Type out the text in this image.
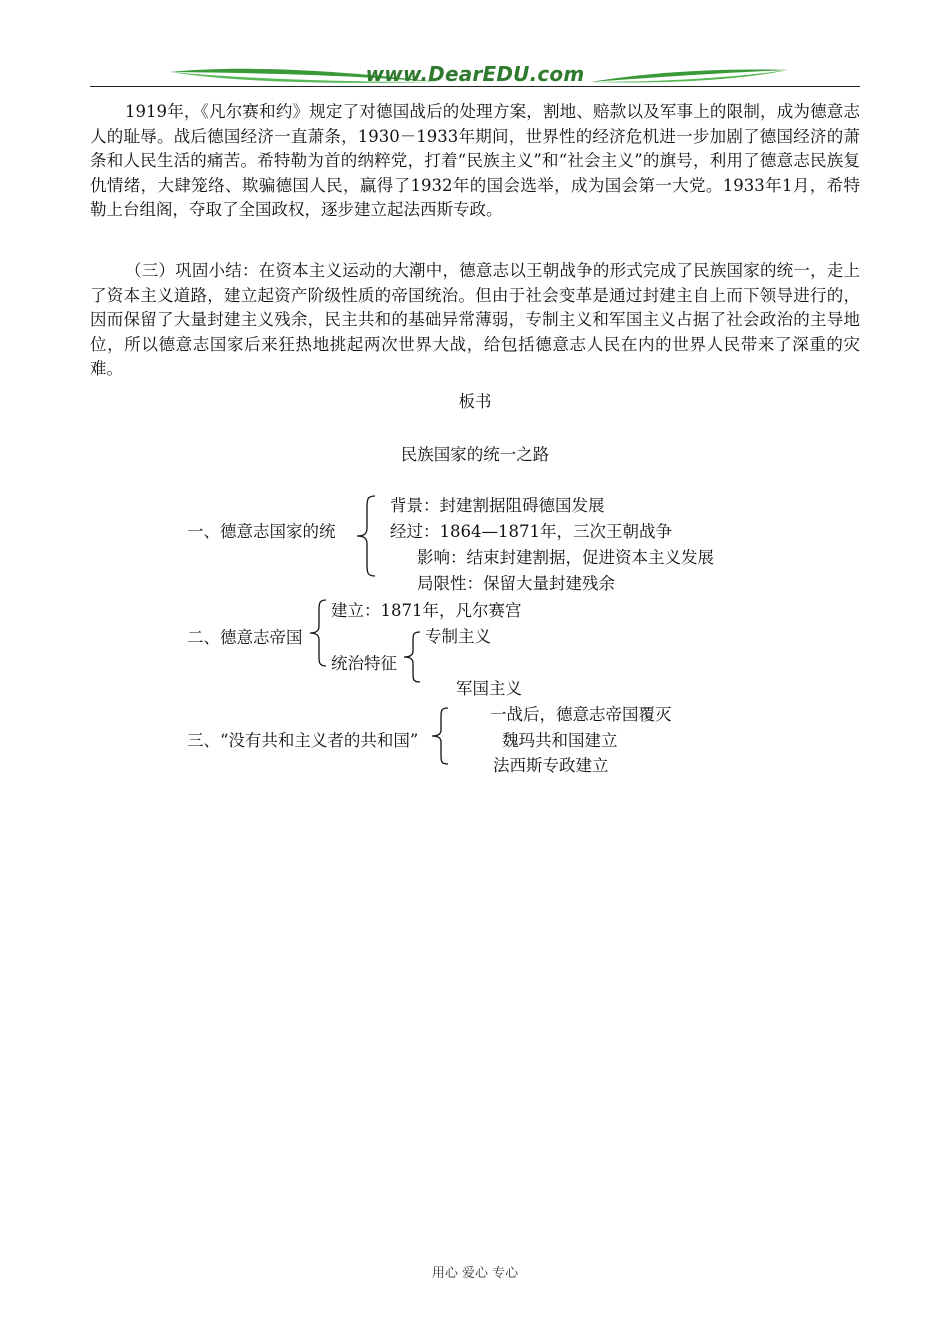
www.DearEDU.com

1919年，《凡尔赛和约》规定了对德国战后的处理方案，割地、赔款以及军事上的限制，成为德意志人的耻辱。战后德国经济一直萧条，1930－1933年期间，世界性的经济危机进一步加剧了德国经济的萧条和人民生活的痛苦。希特勒为首的纳粹党，打着“民族主义”和“社会主义”的旗号，利用了德意志民族复仇情绪，大肆笼络、欺骗德国人民，赢得了1932年的国会选举，成为国会第一大党。1933年1月，希特勒上台组阁，夺取了全国政权，逐步建立起法西斯专政。

（三）巩固小结：在资本主义运动的大潮中，德意志以王朝战争的形式完成了民族国家的统一，走上了资本主义道路，建立起资产阶级性质的帝国统治。但由于社会变革是通过封建主自上而下领导进行的，因而保留了大量封建主义残余，民主共和的基础异常薄弱，专制主义和军国主义占据了社会政治的主导地位，所以德意志国家后来狂热地挑起两次世界大战，给包括德意志人民在内的世界人民带来了深重的灾难。

板书

民族国家的统一之路

一、德意志国家的统

背景：封建割据阻碍德国发展

经过：1864—1871年，三次王朝战争

影响：结束封建割据，促进资本主义发展

局限性：保留大量封建残余

二、德意志帝国

建立：1871年，凡尔赛宫

统治特征

专制主义

军国主义

三、“没有共和主义者的共和国”

一战后，德意志帝国覆灭

魏玛共和国建立

法西斯专政建立

用心 爱心 专心
